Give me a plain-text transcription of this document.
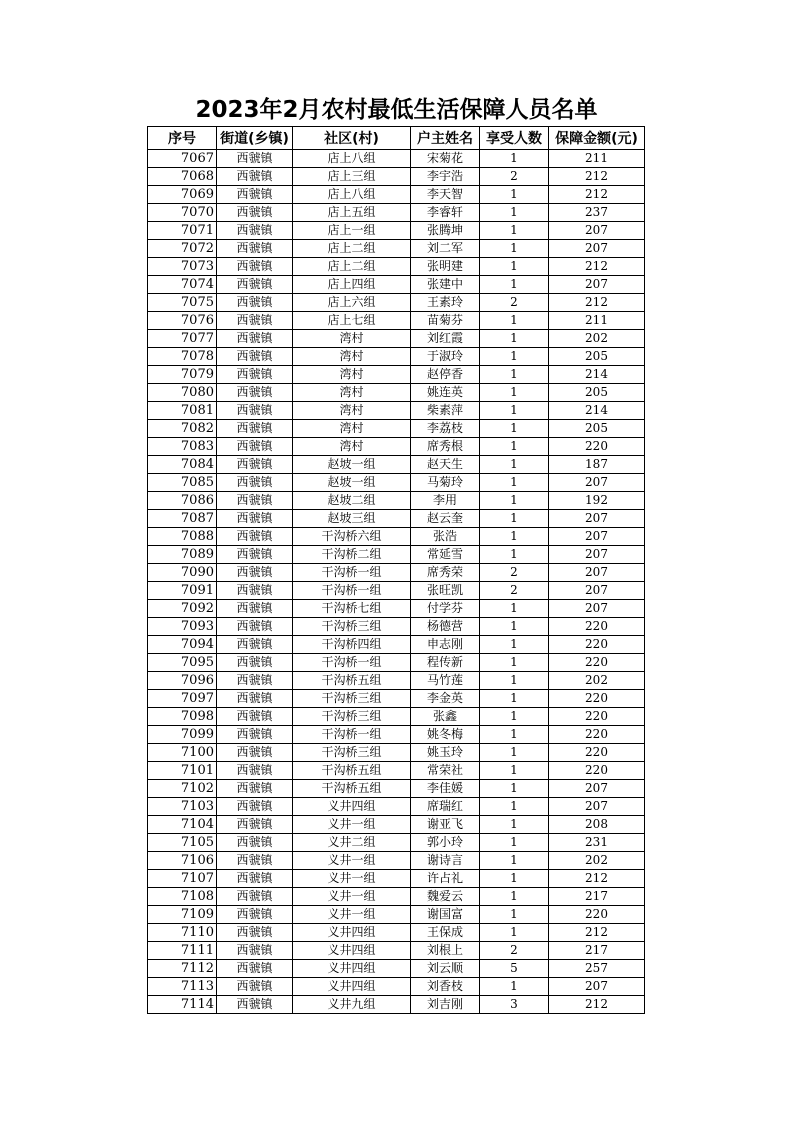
2023年2月农村最低生活保障人员名单
序号	街道(乡镇)	社区(村)	户主姓名	享受人数	保障金额(元)
7067	西虢镇	店上八组	宋菊花	1	211
7068	西虢镇	店上三组	李宇浩	2	212
7069	西虢镇	店上八组	李天智	1	212
7070	西虢镇	店上五组	李睿轩	1	237
7071	西虢镇	店上一组	张腾坤	1	207
7072	西虢镇	店上二组	刘二军	1	207
7073	西虢镇	店上二组	张明建	1	212
7074	西虢镇	店上四组	张建中	1	207
7075	西虢镇	店上六组	王素玲	2	212
7076	西虢镇	店上七组	苗菊芬	1	211
7077	西虢镇	湾村	刘红霞	1	202
7078	西虢镇	湾村	于淑玲	1	205
7079	西虢镇	湾村	赵停香	1	214
7080	西虢镇	湾村	姚连英	1	205
7081	西虢镇	湾村	柴素萍	1	214
7082	西虢镇	湾村	李荔枝	1	205
7083	西虢镇	湾村	席秀根	1	220
7084	西虢镇	赵坡一组	赵天生	1	187
7085	西虢镇	赵坡一组	马菊玲	1	207
7086	西虢镇	赵坡二组	李用	1	192
7087	西虢镇	赵坡三组	赵云奎	1	207
7088	西虢镇	干沟桥六组	张浩	1	207
7089	西虢镇	干沟桥二组	常延雪	1	207
7090	西虢镇	干沟桥一组	席秀荣	2	207
7091	西虢镇	干沟桥一组	张旺凯	2	207
7092	西虢镇	干沟桥七组	付学芬	1	207
7093	西虢镇	干沟桥三组	杨德营	1	220
7094	西虢镇	干沟桥四组	申志刚	1	220
7095	西虢镇	干沟桥一组	程传新	1	220
7096	西虢镇	干沟桥五组	马竹莲	1	202
7097	西虢镇	干沟桥三组	李金英	1	220
7098	西虢镇	干沟桥三组	张鑫	1	220
7099	西虢镇	干沟桥一组	姚冬梅	1	220
7100	西虢镇	干沟桥三组	姚玉玲	1	220
7101	西虢镇	干沟桥五组	常荣社	1	220
7102	西虢镇	干沟桥五组	李佳媛	1	207
7103	西虢镇	义井四组	席瑞红	1	207
7104	西虢镇	义井一组	谢亚飞	1	208
7105	西虢镇	义井二组	郭小玲	1	231
7106	西虢镇	义井一组	谢诗言	1	202
7107	西虢镇	义井一组	许占礼	1	212
7108	西虢镇	义井一组	魏爱云	1	217
7109	西虢镇	义井一组	谢国富	1	220
7110	西虢镇	义井四组	王保成	1	212
7111	西虢镇	义井四组	刘根上	2	217
7112	西虢镇	义井四组	刘云顺	5	257
7113	西虢镇	义井四组	刘香枝	1	207
7114	西虢镇	义井九组	刘吉刚	3	212
